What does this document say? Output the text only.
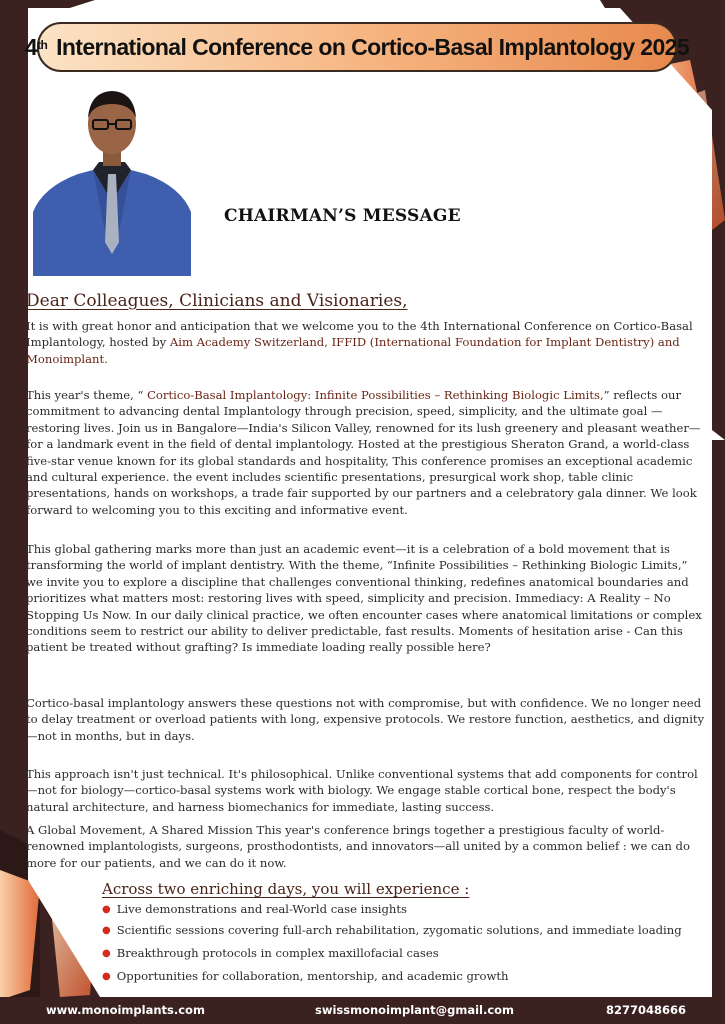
4th
International Conference on Cortico-Basal Implantology 2025
CHAIRMAN’S MESSAGE
Dear Colleagues, Clinicians and Visionaries,
It is with great honor and anticipation that we welcome you to the 4th International Conference on Cortico-Basal Implantology, hosted by Aim Academy Switzerland, IFFID (International Foundation for Implant Dentistry) and Monoimplant.
This year's theme, “ Cortico-Basal Implantology: Infinite Possibilities – Rethinking Biologic Limits,” reflects our commitment to advancing dental Implantology through precision, speed, simplicity, and the ultimate goal — restoring lives. Join us in Bangalore—India's Silicon Valley, renowned for its lush greenery and pleasant weather—for a landmark event in the field of dental implantology. Hosted at the prestigious Sheraton Grand, a world-class five-star venue known for its global standards and hospitality, This conference promises an exceptional academic and cultural experience. the event includes scientific presentations, presurgical work shop, table clinic presentations, hands on workshops, a trade fair supported by our partners and a celebratory gala dinner. We look forward to welcoming you to this exciting and informative event.
This global gathering marks more than just an academic event—it is a celebration of a bold movement that is transforming the world of implant dentistry. With the theme, “Infinite Possibilities – Rethinking Biologic Limits,” we invite you to explore a discipline that challenges conventional thinking, redefines anatomical boundaries and prioritizes what matters most: restoring lives with speed, simplicity and precision. Immediacy: A Reality – No Stopping Us Now. In our daily clinical practice, we often encounter cases where anatomical limitations or complex conditions seem to restrict our ability to deliver predictable, fast results. Moments of hesitation arise - Can this patient be treated without grafting? Is immediate loading really possible here?
Cortico-basal implantology answers these questions not with compromise, but with confidence. We no longer need to delay treatment or overload patients with long, expensive protocols. We restore function, aesthetics, and dignity—not in months, but in days.
This approach isn't just technical. It's philosophical. Unlike conventional systems that add components for control—not for biology—cortico-basal systems work with biology. We engage stable cortical bone, respect the body's natural architecture, and harness biomechanics for immediate, lasting success.
A Global Movement, A Shared Mission This year's conference brings together a prestigious faculty of world-renowned implantologists, surgeons, prosthodontists, and innovators—all united by a common belief : we can do more for our patients, and we can do it now.
Across two enriching days, you will experience :
● Live demonstrations and real-World case insights
● Scientific sessions covering full-arch rehabilitation, zygomatic solutions, and immediate loading
● Breakthrough protocols in complex maxillofacial cases
● Opportunities for collaboration, mentorship, and academic growth
www.monoimplants.com	swissmonoimplant@gmail.com	8277048666
